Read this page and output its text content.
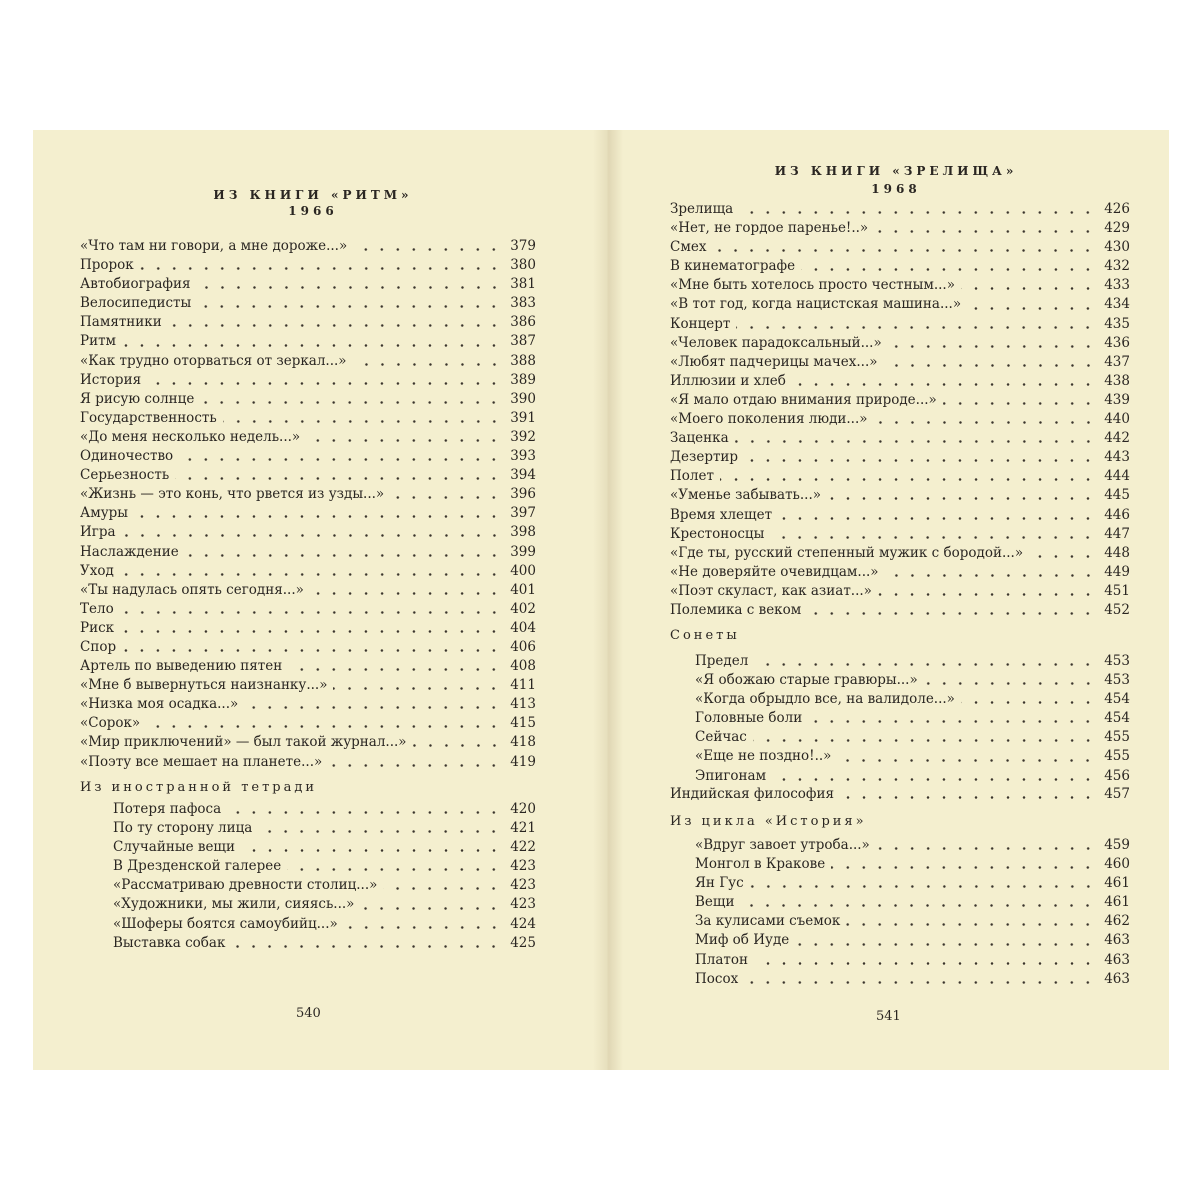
ИЗ КНИГИ «РИТМ»
1966
«Что там ни говори, а мне дороже...»	379
Пророк	380
Автобиография	381
Велосипедисты	383
Памятники	386
Ритм	387
«Как трудно оторваться от зеркал...»	388
История	389
Я рисую солнце	390
Государственность	391
«До меня несколько недель...»	392
Одиночество	393
Серьезность	394
«Жизнь — это конь, что рвется из узды...»	396
Амуры	397
Игра	398
Наслаждение	399
Уход	400
«Ты надулась опять сегодня...»	401
Тело	402
Риск	404
Спор	406
Артель по выведению пятен	408
«Мне б вывернуться наизнанку...»	411
«Низка моя осадка...»	413
«Сорок»	415
«Мир приключений» — был такой журнал...»	418
«Поэту все мешает на планете...»	419
Из иностранной тетради
Потеря пафоса	420
По ту сторону лица	421
Случайные вещи	422
В Дрезденской галерее	423
«Рассматриваю древности столиц...»	423
«Художники, мы жили, сияясь...»	423
«Шоферы боятся самоубийц...»	424
Выставка собак	425
540
ИЗ КНИГИ «ЗРЕЛИЩА»
1968
Зрелища	426
«Нет, не гордое паренье!..»	429
Смех	430
В кинематографе	432
«Мне быть хотелось просто честным...»	433
«В тот год, когда нацистская машина...»	434
Концерт	435
«Человек парадоксальный...»	436
«Любят падчерицы мачех...»	437
Иллюзии и хлеб	438
«Я мало отдаю внимания природе...»	439
«Моего поколения люди...»	440
Заценка	442
Дезертир	443
Полет	444
«Уменье забывать...»	445
Время хлещет	446
Крестоносцы	447
«Где ты, русский степенный мужик с бородой...»	448
«Не доверяйте очевидцам...»	449
«Поэт скуласт, как азиат...»	451
Полемика с веком	452
Сонеты
Предел	453
«Я обожаю старые гравюры...»	453
«Когда обрыдло все, на валидоле...»	454
Головные боли	454
Сейчас	455
«Еще не поздно!..»	455
Эпигонам	456
Индийская философия	457
Из цикла «История»
«Вдруг завоет утроба...»	459
Монгол в Кракове	460
Ян Гус	461
Вещи	461
За кулисами съемок	462
Миф об Иуде	463
Платон	463
Посох	463
541
